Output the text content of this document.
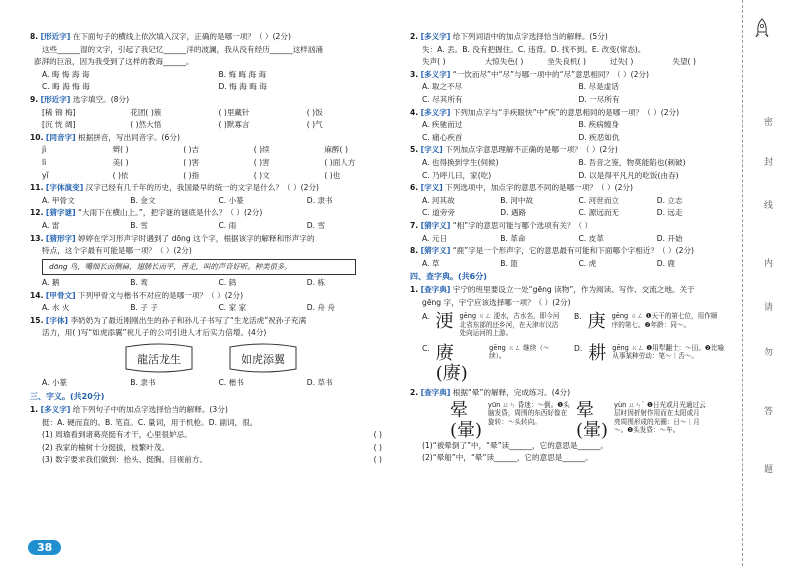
8. [形近字] 在下面句子的横线上依次填入汉字，正确的是哪一项？（ ）(2分)
这些______湿的文字，引起了我记忆______洋的波澜，我从没有经历______这样汹涌
澎湃的巨浪，因为我受到了这样的教诲______。
A. 晦 悔 海 诲	B. 悔 晦 海 诲
C. 晦 海 悔 诲	D. 悔 海 晦 诲
9. [形近字] 选字填空。(8分)
[稀 锦 梅]	花团( )簇	( )里藏针	( )饭
[沉 恍 阔]	( )然大悟	( )默寡言	( )气
10. [同音字] 根据拼音，写出同音字。(6分)
jì	辫( )	( )吉	( )续	麻醉( )
lì	美( )	( )害	( )害	( )面人方
yǐ	( )依	( )指	( )文	( )也
11. [字体演变] 汉字已经有几千年的历史，我国最早的统一的文字是什么？（ ）(2分)
A. 甲骨文	B. 金文	C. 小篆	D. 隶书
12. [猜字谜] “大雨下在横山上。”，把字谜的谜底是什么？（ ）(2分)
A. 雷	B. 雪	C. 雨	D. 雪
13. [猜形字] 婷婷在学习形声字时遇到了 dōng 这个字，根据该字的解释和形声字的
特点，这个字最有可能是哪一项？（ ）(2分)
dōng 鸟，嘴细长而侧扁，翅膀长而平，善走，叫的声音好听。种类很多。
A. 鹅	B. 鸾	C. 鸫	D. 栋
14. [甲骨文] 下列甲骨文与楷书不对应的是哪一项？（ ）(2分)
A. 水 火	B. 子 子	C. 家 家	D. 舟 舟
15. [字体] 李奶奶为了最近刚刚出生的孙子和孙儿子书写了“生龙活虎”祝孙子充满
活力，用( )写“如虎添翼”祝儿子的公司引进人才后实力倍增。(4分)
龍活龙生	如虎添翼
A. 小篆	B. 隶书	C. 楷书	D. 草书
三、字义。(共20分)
1. [多义字] 给下列句子中的加点字选择恰当的解释。(3分)
挺：A. 硬而直的。B. 笔直。C. 量词，用于机枪。D. 副词，很。
(1) 周瑜看到诸葛亮挺有才干，心里很妒忌。	( )
(2) 我家的榆树十分挺拔，枝繁叶茂。	( )
(3) 数字要求我们做到：抬头、挺胸、目视前方。	( )
38
2. [多义字] 给下列词语中的加点字选择恰当的解释。(5分)
失：A. 丢。B. 没有把握住。C. 违背。D. 找不到。E. 改变(常态)。
失声( )	大惊失色( )	坐失良机( )	过失( )	失望( )
3. [多义字] “一饮而尽”中“尽”与哪一项中的“尽”意思相同？（ ）(2分)
A. 取之不尽	B. 尽是虚话
C. 尽其所有	D. 一尽所有
4. [多义字] 下列加点字与“手疾眼快”中“疾”的意思相同的是哪一项？（ ）(2分)
A. 疾驰而过	B. 疾病缠身
C. 痛心疾首	D. 疾恶如仇
5. [字义] 下列加点字意思理解不正确的是哪一项？（ ）(2分)
A. 也得换到学生(伺候)	B. 吾音之鉴，物莫能陷也(刺破)
C. 乃呼儿曰，家(吃)	D. 以是得平凡凡的吃饭(由吞)
6. [字义] 下列选项中，加点字的意思不同的是哪一项？（ ）(2分)
A. 河其故	B. 河中故	C. 河世而立	D. 立志
C. 道旁旁	D. 遇路	C. 源远而无	D. 远走
7. [猜字义] “相”字的意思可能与哪个选项有关？（ ）
A. 元日	B. 革命	C. 皮革	D. 开始
8. [猜字义] “鹿”字是一个形声字，它的意思最有可能和下面哪个字相近？（ ）(2分)
A. 草	B. 篮	C. 虎	D. 鹿
四、查字典。(共6分)
1. [查字典] 宇宁的班里要设立一处“gēng 读物”，作为阅读、写作、交流之地。关于
gēng 字，宇宁应该选择哪一项？（ ）(2分)
A. 浭 gēng ㄍㄥ 浭水，古水名，即今河北省东部的还乡河，在天津市汉沽处向运河的上游。
B. 庚 gēng ㄍㄥ ❶天干的第七位，用作顺序的第七。❷年龄：同～。
C. 赓(赓)
gēng ㄍㄥ 继续（～续）。
D. 耕 gēng ㄍㄥ ❶用犁翻土：～田。❷比喻从事某种劳动：笔～｜舌～。
2. [查字典] 根据“晕”的解释，完成练习。(4分)
晕(暈)
yūn ㄩㄣ 昏迷：～倒。❶头脑发昏，周围的东西好像在旋转：～头转向。
晕(暈)
yùn ㄩㄣˋ ❶日光或月光通过云层时因折射作用而在太阳或月亮周围形成的光圈：日～｜月～。❷头发昏：～车。
(1)“被晕倒了”中，“晕”读______，它的意思是______。
(2)“晕船”中，“晕”读______，它的意思是______。
密
封
线
内
请
勿
答
题
